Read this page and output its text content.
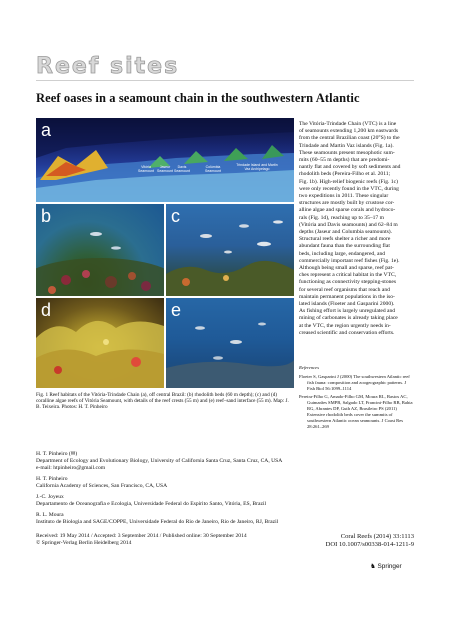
Reef sites
Reef oases in a seamount chain in the southwestern Atlantic
a
Vitória Seamount
Jaseur Seamount
Davis Seamount
Colúmbia Seamount
Trindade Island and Martin Vaz Archipelago
b	c
d	e
Fig. 1 Reef habitats of the Vitória-Trindade Chain (a), off central Brazil: (b) rhodolith beds (60 m depth); (c) and (d) coralline algae reefs of Vitória Seamount, with details of the reef crests (55 m) and (e) reef–sand interface (55 m). Map: J. B. Teixeira. Photos: H. T. Pinheiro
The Vitória-Trindade Chain (VTC) is a line
of seamounts extending 1,200 km eastwards
from the central Brazilian coast (20°S) to the
Trindade and Martin Vaz islands (Fig. 1a).
These seamounts present mesophotic sum-
mits (60–55 m depths) that are predomi-
nantly flat and covered by soft sediments and
rhodolith beds (Pereira-Filho et al. 2011;
Fig. 1b). High-relief biogenic reefs (Fig. 1c)
were only recently found in the VTC, during
two expeditions in 2011. These singular
structures are mostly built by crustose cor-
alline algae and sparse corals and hydroco-
rals (Fig. 1d), reaching up to 35–17 m
(Vitória and Davis seamounts) and 62–84 m
depths (Jaseur and Columbia seamounts).
Structural reefs shelter a richer and more
abundant fauna than the surrounding flat
beds, including large, endangered, and
commercially important reef fishes (Fig. 1e).
Although being small and sparse, reef pat-
ches represent a critical habitat in the VTC,
functioning as connectivity stepping-stones
for several reef organisms that reach and
maintain permanent populations in the iso-
lated islands (Floeter and Gasparini 2000).
As fishing effort is largely unregulated and
mining of carbonates is already taking place
at the VTC, the region urgently needs in-
creased scientific and conservation efforts.
References
Floeter S, Gasparini J (2000) The southwestern Atlantic reef fish fauna: composition and zoogeographic patterns. J Fish Biol 56:1099–1114
Pereira-Filho G, Amado-Filho GM, Moura RL, Bastos AC, Guimarães SMPB, Salgado LT, Francini-Filho RB, Bahia RG, Abrantes DP, Guth AZ, Brasileiro PS (2011) Extensive rhodolith beds cover the summits of southwestern Atlantic ocean seamounts. J Coast Res 28:261–269
H. T. Pinheiro (✉)
Department of Ecology and Evolutionary Biology, University of California Santa Cruz, Santa Cruz, CA, USA
e-mail: htpinheiro@gmail.com
H. T. Pinheiro
California Academy of Sciences, San Francisco, CA, USA
J.-C. Joyeux
Departamento de Oceanografia e Ecologia, Universidade Federal do Espírito Santo, Vitória, ES, Brazil
R. L. Moura
Instituto de Biologia and SAGE/COPPE, Universidade Federal do Rio de Janeiro, Rio de Janeiro, RJ, Brazil
Received: 19 May 2014 / Accepted: 3 September 2014 / Published online: 30 September 2014
© Springer-Verlag Berlin Heidelberg 2014
Coral Reefs (2014) 33:1113
DOI 10.1007/s00338-014-1211-9
♞ Springer
